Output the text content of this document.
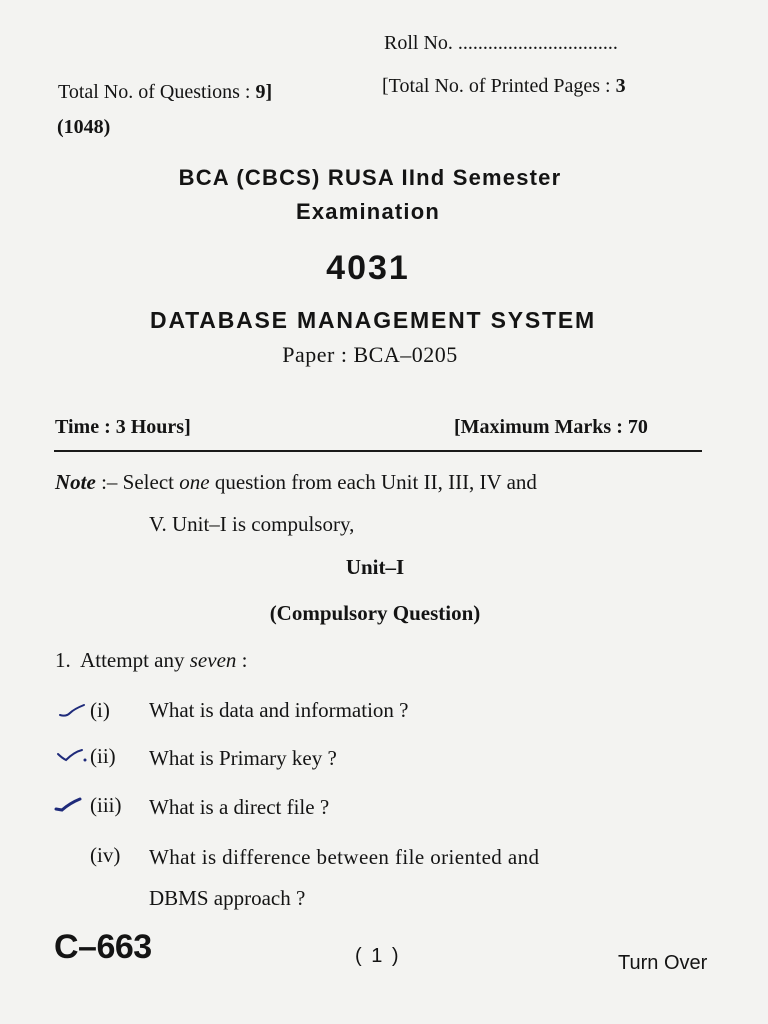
Roll No. ................................
Total No. of Questions : 9]	[Total No. of Printed Pages : 3
(1048)
BCA (CBCS) RUSA IInd Semester
Examination
4031
DATABASE MANAGEMENT SYSTEM
Paper : BCA–0205
Time : 3 Hours]	[Maximum Marks : 70
Note :– Select one question from each Unit II, III, IV and
V. Unit–I is compulsory,
Unit–I
(Compulsory Question)
1. Attempt any seven :
(i) What is data and information ?
(ii) What is Primary key ?
(iii) What is a direct file ?
(iv) What is difference between file oriented and
DBMS approach ?
C–663	( 1 )	Turn Over
